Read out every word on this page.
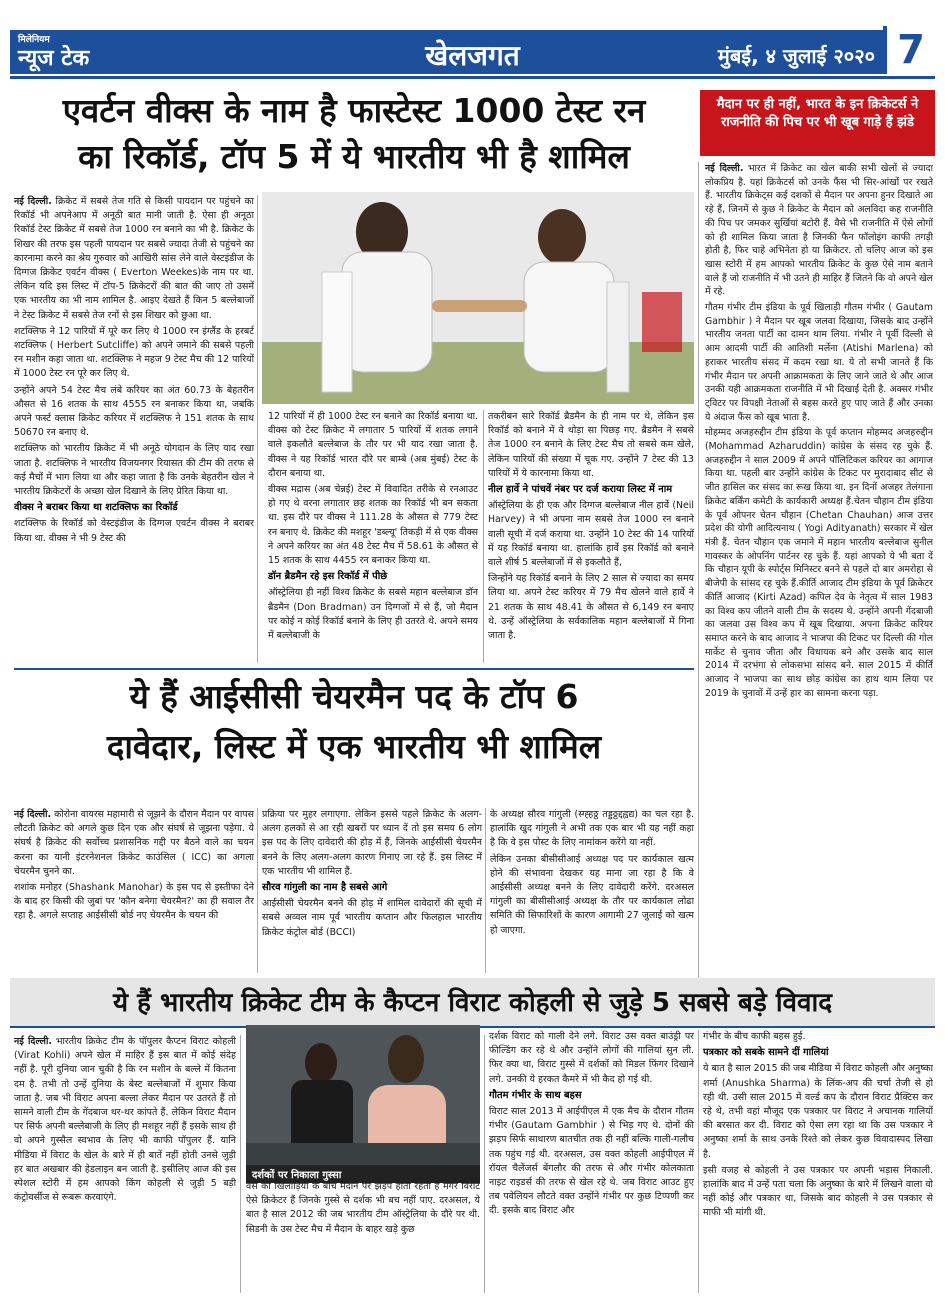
मिलेनियम
न्यूज टेक	खेलजगत	मुंबई, ४ जुलाई २०२० 7
एवर्टन वीक्स के नाम है फास्टेस्ट 1000 टेस्ट रन
का रिकॉर्ड, टॉप 5 में ये भारतीय भी है शामिल

नई दिल्ली. क्रिकेट में सबसे तेज गति से किसी पायदान पर पहुंचने का रिकॉर्ड भी अपनेआप में अनूठी बात मानी जाती है. ऐसा ही अनूठा रिकॉर्ड टेस्ट क्रिकेट में सबसे तेज 1000 रन बनाने का भी है. क्रिकेट के शिखर की तरफ इस पहली पायदान पर सबसे ज्यादा तेजी से पहुंचने का कारनामा करने का श्रेय गुरुवार को आखिरी सांस लेने वाले वेस्टइंडीज के दिग्गज क्रिकेट एवर्टन वीक्स ( Everton Weekes)के नाम पर था. लेकिन यदि इस लिस्ट में टॉप-5 क्रिकेटरों की बात की जाए तो उसमें एक भारतीय का भी नाम शामिल है. आइए देखते हैं किन 5 बल्लेबाजों ने टेस्ट क्रिकेट में सबसे तेज रनों से इस शिखर को छुआ था.

शटक्लिफ ने 12 पारियों में पूरे कर लिए थे 1000 रन इंग्लैंड के हरबर्ट शटक्लिफ ( Herbert Sutcliffe) को अपने जमाने की सबसे पहली रन मशीन कहा जाता था. शटक्लिफ ने महज 9 टेस्ट मैच की 12 पारियों में 1000 टेस्ट रन पूरे कर लिए थे.

उन्होंने अपने 54 टेस्ट मैच लंबे करियर का अंत 60.73 के बेहतरीन औसत से 16 शतक के साथ 4555 रन बनाकर किया था, जबकि अपने फर्स्ट क्लास क्रिकेट करियर में शटक्लिफ ने 151 शतक के साथ 50670 रन बनाए थे.

शटक्लिफ को भारतीय क्रिकेट में भी अनूठे योगदान के लिए याद रखा जाता है. शटक्लिफ ने भारतीय विजयनगर रियासत की टीम की तरफ से कई मैचों में भाग लिया था और कहा जाता है कि उनके बेहतरीन खेल ने भारतीय क्रिकेटरों के अच्छा खेल दिखाने के लिए प्रेरित किया था.

वीक्स ने बराबर किया था शटक्लिफ का रिकॉर्ड

शटक्लिफ के रिकॉर्ड को वेस्टइंडीज के दिग्गज एवर्टन वीक्स ने बराबर किया था. वीक्स ने भी 9 टेस्ट की

12 पारियों में ही 1000 टेस्ट रन बनाने का रिकॉर्ड बनाया था. वीक्स को टेस्ट क्रिकेट में लगातार 5 पारियों में शतक लगाने वाले इकलौते बल्लेबाज के तौर पर भी याद रखा जाता है. वीक्स ने यह रिकॉर्ड भारत दौरे पर बाम्बे (अब मुंबई) टेस्ट के दौरान बनाया था.

वीक्स मद्रास (अब चेन्नई) टेस्ट में विवादित तरीके से रनआउट हो गए थे वरना लगातार छह शतक का रिकॉर्ड भी बन सकता था. इस दौरे पर वीक्स ने 111.28 के औसत से 779 टेस्ट रन बनाए थे. क्रिकेट की मशहूर 'डब्ल्यू' तिकड़ी में से एक वीक्स ने अपने करियर का अंत 48 टेस्ट मैच में 58.61 के औसत से 15 शतक के साथ 4455 रन बनाकर किया था.

डॉन ब्रैडमैन रहे इस रिकॉर्ड में पीछे

ऑस्ट्रेलिया ही नहीं विश्व क्रिकेट के सबसे महान बल्लेबाज डॉन ब्रैडमैन (Don Bradman) उन दिग्गजों में से हैं, जो मैदान पर कोई न कोई रिकॉर्ड बनाने के लिए ही उतरते थे. अपने समय में बल्लेबाजी के

तकरीबन सारे रिकॉर्ड ब्रैडमैन के ही नाम पर थे, लेकिन इस रिकॉर्ड को बनाने में वे थोड़ा सा पिछड़ गए. ब्रैडमैन ने सबसे तेज 1000 रन बनाने के लिए टेस्ट मैच तो सबसे कम खेले, लेकिन पारियों की संख्या में चूक गए. उन्होंने 7 टेस्ट की 13 पारियों में ये कारनामा किया था.

नील हार्वे ने पांचवें नंबर पर दर्ज कराया लिस्ट में नाम

ऑस्ट्रेलिया के ही एक और दिग्गज बल्लेबाज नील हार्वे (Neil Harvey) ने भी अपना नाम सबसे तेज 1000 रन बनाने वाली सूची में दर्ज कराया था. उन्होंने 10 टेस्ट की 14 पारियों में यह रिकॉर्ड बनाया था. हालांकि हार्वे इस रिकॉर्ड को बनाने वाले शीर्ष 5 बल्लेबाजों में से इकलौते हैं,

जिन्होंने यह रिकॉर्ड बनाने के लिए 2 साल से ज्यादा का समय लिया था. अपने टेस्ट करियर में 79 मैच खेलने वाले हार्वे ने 21 शतक के साथ 48.41 के औसत से 6,149 रन बनाए थे. उन्हें ऑस्ट्रेलिया के सर्वकालिक महान बल्लेबाजों में गिना जाता है.

मैदान पर ही नहीं, भारत के इन क्रिकेटर्स ने राजनीति की पिच पर भी खूब गाड़े हैं झंडे

नई दिल्ली. भारत में क्रिकेट का खेल बाकी सभी खेलों से ज्यादा लोकप्रिय है. यहां क्रिकेटर्स को उनके फैंस भी सिर-आंखों पर रखते हैं. भारतीय क्रिकेट्स कई दशकों से मैदान पर अपना हुनर दिखाते आ रहे हैं, जिनमें से कुछ ने क्रिकेट के मैदान को अलविदा कह राजनीति की पिच पर जमकर सुर्खियां बटोरी हैं. वैसे भी राजनीति में ऐसे लोगों को ही शामिल किया जाता है जिनकी फैन फॉलोइंग काफी तगड़ी होती है, फिर चाहे अभिनेता हो या क्रिकेटर. तो चलिए आज को इस खास स्टोरी में हम आपको भारतीय क्रिकेट के कुछ ऐसे नाम बताने वाले हैं जो राजनीति में भी उतने ही माहिर हैं जितने कि वो अपने खेल में रहे.

गौतम गंभीर टीम इंडिया के पूर्व खिलाड़ी गौतम गंभीर ( Gautam Gambhir ) ने मैदान पर खूब जलवा दिखाया, जिसके बाद उन्होंने भारतीय जनता पार्टी का दामन थाम लिया. गंभीर ने पूर्वी दिल्ली से आम आदमी पार्टी की आतिशी मर्लेना (Atishi Marlena) को हराकर भारतीय संसद में कदम रखा था. ये तो सभी जानते हैं कि गंभीर मैदान पर अपनी आक्रामकता के लिए जाने जाते थे और आज उनकी यही आक्रमकता राजनीति में भी दिखाई देती है. अक्सर गंभीर ट्विटर पर विपक्षी नेताओं से बहस करते हुए पाए जाते हैं और उनका ये अंदाज फैंस को खूब भाता है.

मोहम्मद अजहरुद्दीन टीम इंडिया के पूर्व कप्तान मोहम्मद अजहरुद्दीन (Mohammad Azharuddin) कांग्रेस के संसद रह चुके हैं. अजहरुद्दीन ने साल 2009 में अपने पॉलिटिकल करियर का आगाज किया था. पहली बार उन्होंने कांग्रेस के टिकट पर मुरादाबाद सीट से जीत हासिल कर संसद का रूख किया था. इन दिनों अजहर तेलंगाना क्रिकेट बर्किंग कमेटी के कार्यकारी अध्यक्ष हैं.चेतन चौहान टीम इंडिया के पूर्व ओपनर चेतन चौहान (Chetan Chauhan) आज उत्तर प्रदेश की योगी आदित्यनाथ ( Yogi Adityanath) सरकार में खेल मंत्री हैं. चेतन चौहान एक जमाने में महान भारतीय बल्लेबाज सुनील गावस्कर के ओपनिंग पार्टनर रह चुके हैं. यहां आपको ये भी बता दें कि चौहान यूपी के स्पोर्ट्स मिनिस्टर बनने से पहले दो बार अमरोहा से बीजेपी के सांसद रह चुके हैं.कीर्ति आजाद टीम इंडिया के पूर्व क्रिकेटर कीर्ति आजाद (Kirti Azad) कपिल देव के नेतृत्व में साल 1983 का विश्व कप जीतने वाली टीम के सदस्य थे. उन्होंने अपनी गेंदबाजी का जलवा उस विश्व कप में खूब दिखाया. अपना क्रिकेट करियर समाप्त करने के बाद आजाद ने भाजपा की टिकट पर दिल्ली की गोल मार्केट से चुनाव जीता और विधायक बने और उसके बाद साल 2014 में दरभंगा से लोकसभा सांसद बने. साल 2015 में कीर्ति आजाद ने भाजपा का साथ छोड़ कांग्रेस का हाथ थाम लिया पर 2019 के चुनावों में उन्हें हार का सामना करना पड़ा.

ये हैं आईसीसी चेयरमैन पद के टॉप 6
दावेदार, लिस्ट में एक भारतीय भी शामिल

नई दिल्ली. कोरोना वायरस महामारी से जूझने के दौरान मैदान पर वापस लौटती क्रिकेट को अगले कुछ दिन एक और संघर्ष से जूझना पड़ेगा. ये संघर्ष है क्रिकेट की सर्वोच्च प्रशासनिक गद्दी पर बैठने वाले का चयन करना का यानी इंटरनेशनल क्रिकेट काउंसिल ( ICC) का अगला चेयरमैन चुनने का.

शशांक मनोहर (Shashank Manohar) के इस पद से इस्तीफा देने के बाद हर किसी की जुबां पर 'कौन बनेगा चेयरमैन?' का ही सवाल तैर रहा है. अगले सप्ताह आईसीसी बोर्ड नए चेयरमैन के चयन की

प्रक्रिया पर मुहर लगाएगा. लेकिन इससे पहले क्रिकेट के अलग-अलग हलकों से आ रही खबरों पर ध्यान दें तो इस समय 6 लोग इस पद के लिए दावेदारी की होड़ में हैं, जिनके आईसीसी चेयरमैन बनने के लिए अलग-अलग कारण गिनाए जा रहे हैं. इस लिस्ट में एक भारतीय भी शामिल हैं.

सौरव गांगुली का नाम है सबसे आगे

आईसीसी चेयरमैन बनने की होड़ में शामिल दावेदारों की सूची में सबसे अव्वल नाम पूर्व भारतीय कप्तान और फिलहाल भारतीय क्रिकेट कंट्रोल बोर्ड (BCCI)

के अध्यक्ष सौरव गांगुली (स्ग्ह्हठ्ठ तड्डठ्ठद्दह्वद्य) का चल रहा है. हालांकि खुद गांगुली ने अभी तक एक बार भी यह नहीं कहा है कि वे इस पोस्ट के लिए नामांकन करेंगे या नहीं.

लेकिन उनका बीसीसीआई अध्यक्ष पद पर कार्यकाल खत्म होने की संभावना देखकर यह माना जा रहा है कि वे आईसीसी अध्यक्ष बनने के लिए दावेदारी करेंगे. दरअसल गांगुली का बीसीसीआई अध्यक्ष के तौर पर कार्यकाल लोढा समिति की सिफारिशों के कारण आगामी 27 जुलाई को खत्म हो जाएगा.

ये हैं भारतीय क्रिकेट टीम के कैप्टन विराट कोहली से जुड़े 5 सबसे बड़े विवाद

नई दिल्ली. भारतीय क्रिकेट टीम के पॉपुलर कैप्टन विराट कोहली (Virat Kohli) अपने खेल में माहिर हैं इस बात में कोई संदेह नहीं है. पूरी दुनिया जान चुकी है कि रन मशीन के बल्ले में कितना दम है. तभी तो उन्हें दुनिया के बेस्ट बल्लेबाजों में शुमार किया जाता है. जब भी विराट अपना बल्ला लेकर मैदान पर उतरते हैं तो सामने वाली टीम के गेंदबाज थर-थर कांपते हैं. लेकिन विराट मैदान पर सिर्फ अपनी बल्लेबाजी के लिए ही मशहूर नहीं हैं इसके साथ ही वो अपने गुस्सैल स्वभाव के लिए भी काफी पॉपुलर हैं. यानि मीडिया में विराट के खेल के बारे में ही बातें नहीं होती उनसे जुड़ी हर बात अखबार की हेडलाइन बन जाती है. इसीलिए आज की इस स्पेशल स्टोरी में हम आपको किंग कोहली से जुड़ी 5 बड़ी कंट्रोवर्सीज से रूबरू करवाएंगे.

दर्शकों पर निकाला गुस्सा

वैसे को खिलाड़ियों के बीच मैदान पर झड़प होती रहती है मगर विराट ऐसे क्रिकेटर हैं जिनके गुस्से से दर्शक भी बच नहीं पाए. दरअसल, ये बात है साल 2012 की जब भारतीय टीम ऑस्ट्रेलिया के दौरे पर थी. सिडनी के उस टेस्ट मैच में मैदान के बाहर खड़े कुछ

दर्शक विराट को गाली देने लगे. विराट उस वक्त बाउंड्री पर फील्डिंग कर रहे थे और उन्होंने लोगों की गालियां सुन ली. फिर क्या था, विराट गुस्से में दर्शकों को मिडल फिंगर दिखाने लगे. उनकी ये हरकत कैमरे में भी कैद हो गई थी.

गौतम गंभीर के साथ बहस

विराट साल 2013 में आईपीएल में एक मैच के दौरान गौतम गंभीर (Gautam Gambhir ) से भिड़ गए थे. दोनों की झड़प सिर्फ साधारण बातचीत तक ही नहीं बल्कि गाली-गलौच तक पहुंच गई थी. दरअसल, उस वक्त कोहली आईपीएल में रॉयल चैलेंजर्स बेंगलौर की तरफ से और गंभीर कोलकाता नाइट राइडर्स की तरफ से खेल रहे थे. जब विराट आउट हुए तब पवेलियन लौटते वक्त उन्होंने गंभीर पर कुछ टिप्पणी कर दी. इसके बाद विराट और

गंभीर के बीच काफी बहस हुई.

पत्रकार को सबके सामने दीं गालियां

ये बात है साल 2015 की जब मीडिया में विराट कोहली और अनुष्का शर्मा (Anushka Sharma) के लिंक-अप की चर्चा तेजी से हो रही थी. उसी साल 2015 में वर्ल्ड कप के दौरान विराट प्रैक्टिस कर रहे थे, तभी वहां मौजूद एक पत्रकार पर विराट ने अचानक गालियों की बरसात कर दी. विराट को ऐसा लग रहा था कि उस पत्रकार ने अनुष्का शर्मा के साथ उनके रिश्ते को लेकर कुछ विवादास्पद लिखा है.

इसी वजह से कोहली ने उस पत्रकार पर अपनी भड़ास निकाली. हालांकि बाद में उन्हें पता चला कि अनुष्का के बारे में लिखने वाला वो नहीं कोई और पत्रकार था, जिसके बाद कोहली ने उस पत्रकार से माफी भी मांगी थी.
